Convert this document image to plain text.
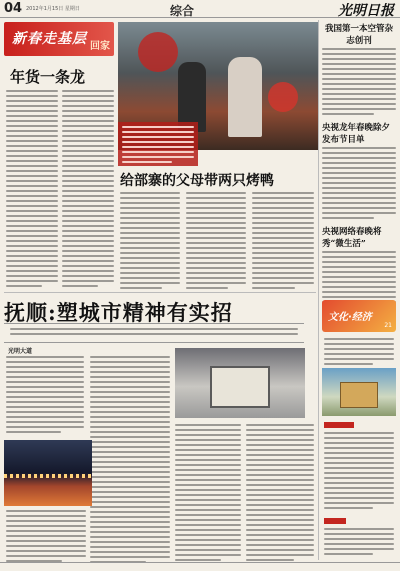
04 2012年1月15日 星期日	综合	光明日报
新春走基层 回家
年货一条龙
给部寨的父母带两只烤鸭
我国第一本空管杂志创刊
央视龙年春晚除夕发布节目单
央视网络春晚将秀“微生活”
抚顺:塑城市精神有实招
光明大道
文化·经济
21
